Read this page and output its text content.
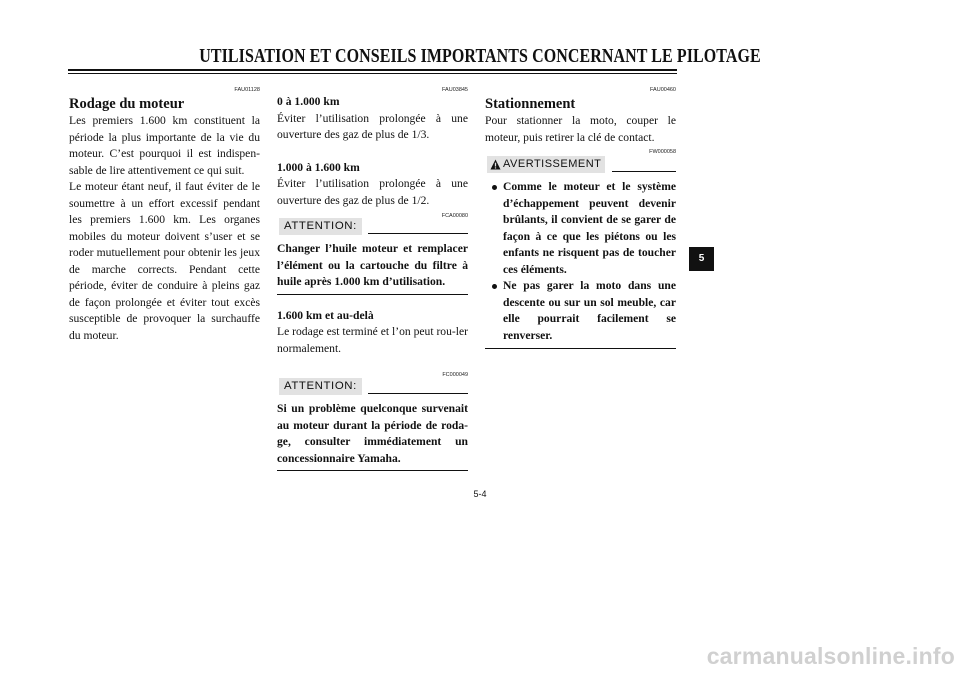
UTILISATION ET CONSEILS IMPORTANTS CONCERNANT LE PILOTAGE
FAU01128
Rodage du moteur

Les premiers 1.600 km constituent la période la plus importante de la vie du moteur. C’est pourquoi il est indispen-sable de lire attentivement ce qui suit.

Le moteur étant neuf, il faut éviter de le soumettre à un effort excessif pendant les premiers 1.600 km. Les organes mobiles du moteur doivent s’user et se roder mutuellement pour obtenir les jeux de marche corrects. Pendant cette période, éviter de conduire à pleins gaz de façon prolongée et éviter tout excès susceptible de provoquer la surchauffe du moteur.

FAU03845
0 à 1.000 km

Éviter l’utilisation prolongée à une ouverture des gaz de plus de 1/3.

1.000 à 1.600 km

Éviter l’utilisation prolongée à une ouverture des gaz de plus de 1/2.

FCA00080
ATTENTION:

Changer l’huile moteur et remplacer l’élément ou la cartouche du filtre à huile après 1.000 km d’utilisation.

1.600 km et au-delà

Le rodage est terminé et l’on peut rou-ler normalement.

FC000049
ATTENTION:

Si un problème quelconque survenait au moteur durant la période de roda-ge, consulter immédiatement un concessionnaire Yamaha.

FAU00460
Stationnement

Pour stationner la moto, couper le moteur, puis retirer la clé de contact.

FW000058
AVERTISSEMENT
Comme le moteur et le système d’échappement peuvent devenir brûlants, il convient de se garer de façon à ce que les piétons ou les enfants ne risquent pas de toucher ces éléments.
Ne pas garer la moto dans une descente ou sur un sol meuble, car elle pourrait facilement se renverser.
5
5-4
carmanualsonline.info
